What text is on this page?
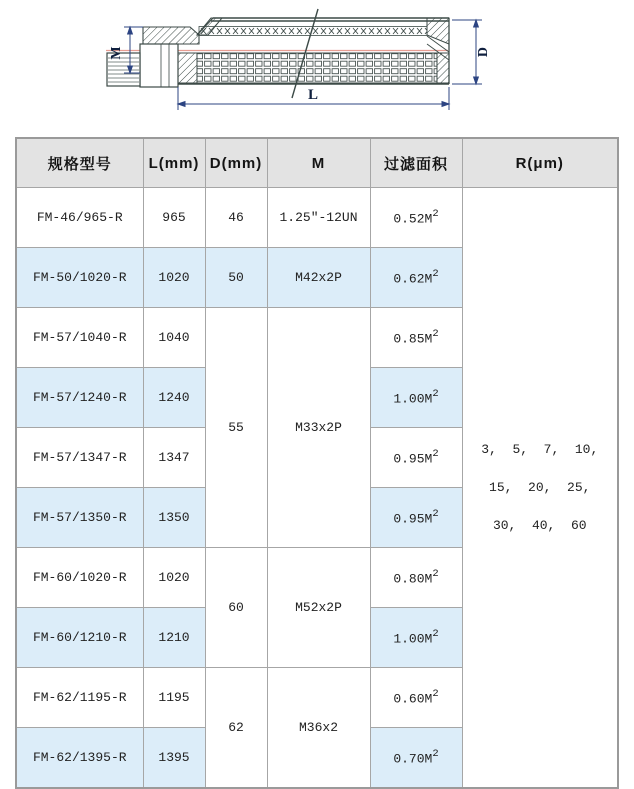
M	D
L
规格型号	L(mm)	D(mm)	M	过滤面积	R(μm)
FM-46/965-R	965	46	1.25″-12UN	$0.52M^2$	3,  5,  7,  10,
15,  20,  25,
30,  40,  60

FM-50/1020-R	1020	50	M42x2P	$0.62M^2$
FM-57/1040-R	1040	55	M33x2P	$0.85M^2$
FM-57/1240-R	1240			$1.00M^2$
FM-57/1347-R	1347			$0.95M^2$
FM-57/1350-R	1350			$0.95M^2$
FM-60/1020-R	1020	60	M52x2P	$0.80M^2$
FM-60/1210-R	1210			$1.00M^2$
FM-62/1195-R	1195	62	M36x2	$0.60M^2$
FM-62/1395-R	1395			$0.70M^2$
